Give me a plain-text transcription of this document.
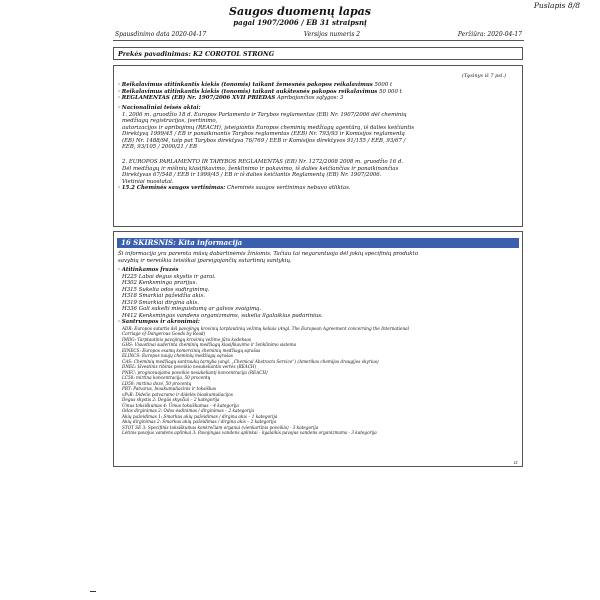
Puslapis 8/8
Saugos duomenų lapas
pagal 1907/2006 / EB 31 straipsnį
Spausdinimo data 2020-04-17	Versijos numeris 2	Peržiūra: 2020-04-17
Prekės pavadinimas: K2 COROTOL STRONG
(Tęsinys iš 7 psl.)
· Reikalavimus atitinkantis kiekis (tonomis) taikant žemesnės pakopos reikalavimus 5000 t
· Reikalavimus atitinkantis kiekis (tonomis) taikant aukštesnės pakopos reikalavimus 50 000 t
· REGLAMENTAS (EB) Nr. 1907/2006 XVII PRIEDAS Apribojančios sąlygos: 3
· Nacionaliniai teisės aktai:
1. 2006 m. gruodžio 18 d. Europos Parlamento ir Tarybos reglamentas (EB) Nr. 1907/2006 dėl cheminių
medžiagų registracijos, įvertinimo,
autorizacijos ir apribojimų (REACH), įsteigiantis Europos cheminių medžiagų agentūrą, iš dalies keičiantis
Direktyvą 1999/45 / EB ir panaikinantis Tarybos reglamentas (EEB) Nr. 793/93 ir Komisijos reglamentą
(EB) Nr. 1488/94, taip pat Tarybos direktyva 76/769 / EEB ir Komisijos direktyvos 91/155 / EEB, 93/67 /
EEB, 93/105 / 2000/21 / EB
2. EUROPOS PARLAMENTO IR TARYBOS REGLAMENTAS (EB) Nr. 1272/2008 2008 m. gruodžio 16 d.
Dėl medžiagų ir mišinių klasifikavimo, ženklinimo ir pakavimo, iš dalies keičiančias ir panaikinančias
Direktyvas 67/548 / EEB ir 1999/45 / EB ir iš dalies keičiantis Reglamentą (EB) Nr. 1907/2006.
Vietiniai nuostatai.
· 15.2 Cheminės saugos vertinimas: Cheminės saugos vertinimas nebuvo atliktas.
16 SKIRSNIS: Kita informacija
Ši informacija yra paremta mūsų dabartinėmis žiniomis. Tačiau tai negarantuoja dėl jokių specifinių produkto
savybių ir nereiškia teisiškai įpareigojančių sutartinių santykių.
· Atitinkamos frazės
H225 Labai degus skystis ir garai.
H302 Kenksminga prarijus.
H315 Sukelia odos sudirginimą.
H318 Smarkiai pažeidžia akis.
H319 Smarkiai dirgina akis.
H336 Gali sukelti mieguistumą ar galvos svaigimą.
H412 Kenksmingas vandens organizmams, sukelia ilgalaikius padarinius.
· Santrumpos ir akronimai:
ADR: Europos sutartis dėl pavojingų krovinių tarptautinių vežimų keliais (Angl. The European Agreement concerning the International
Carriage of Dangerous Goods by Road)
IMDG: Tarptautinis pavojingų krovinių vežimo jūra kodeksas
GHS: Visuotinai suderinta cheminių medžiagų klasifikavimo ir ženklinimo sistema
EINECS: Europos esamų komercinių cheminių medžiagų sąrašas
ELINCS: Europos naujų cheminių medžiagų sąrašas
CAS: Cheminių medžiagų santraukų tarnyba (angl. „Chemical Abstracts Service“) (Amerikos chemijos draugijos skyrius)
DNEL: Išvestinis ribinis poveikio nesukeliantis vertės (REACH)
PNEC: prognozuojama poveikio nesukeliantį koncentracija (REACH)
LC50: mirtina koncentracija, 50 procentų
LD50: mirtina dozė, 50 procentų
PBT: Patvarus, bioakumuliacinis ir toksiškas
vPvB: Didelio patvarumo ir didelės bioakumuliacijos
Degus skystis 2: Degūs skysčiai – 2 kategorija
Ūmus toksiškumas 4: Ūmus toksiškumas – 4 kategorija
Odos dirginimas 2: Odos ėsdinimas / dirginimas – 2 kategorija
Akių pažeidimas 1: Smarkus akių pažeidimas / dirgina akis – 1 kategorija
Akių dirginimas 2: Smarkus akių pažeidimas / dirgina akis – 2 kategorija
STOT SE 3: Specifinis toksiškumas konkrečiam organui (vienkartinis poveikis) - 3 kategorija
Lėtinis pavojus vandens aplinkai 3: Pavojingas vandens aplinkai - ilgalaikis pavojus vandens organizmams - 3 kategorija
LT
